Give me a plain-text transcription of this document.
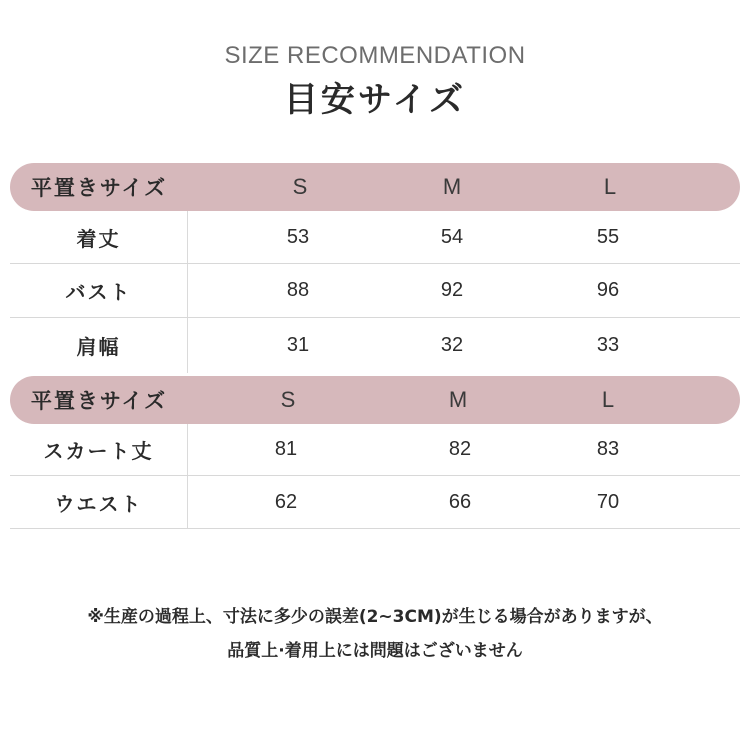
SIZE RECOMMENDATION
目安サイズ
平置きサイズ	S	M	L
着丈	53	54	55
バスト	88	92	96
肩幅	31	32	33
平置きサイズ	S	M	L
スカート丈	81	82	83
ウエスト	62	66	70
※生産の過程上、寸法に多少の誤差(2~3CM)が生じる場合がありますが、
品質上·着用上には問題はございません
